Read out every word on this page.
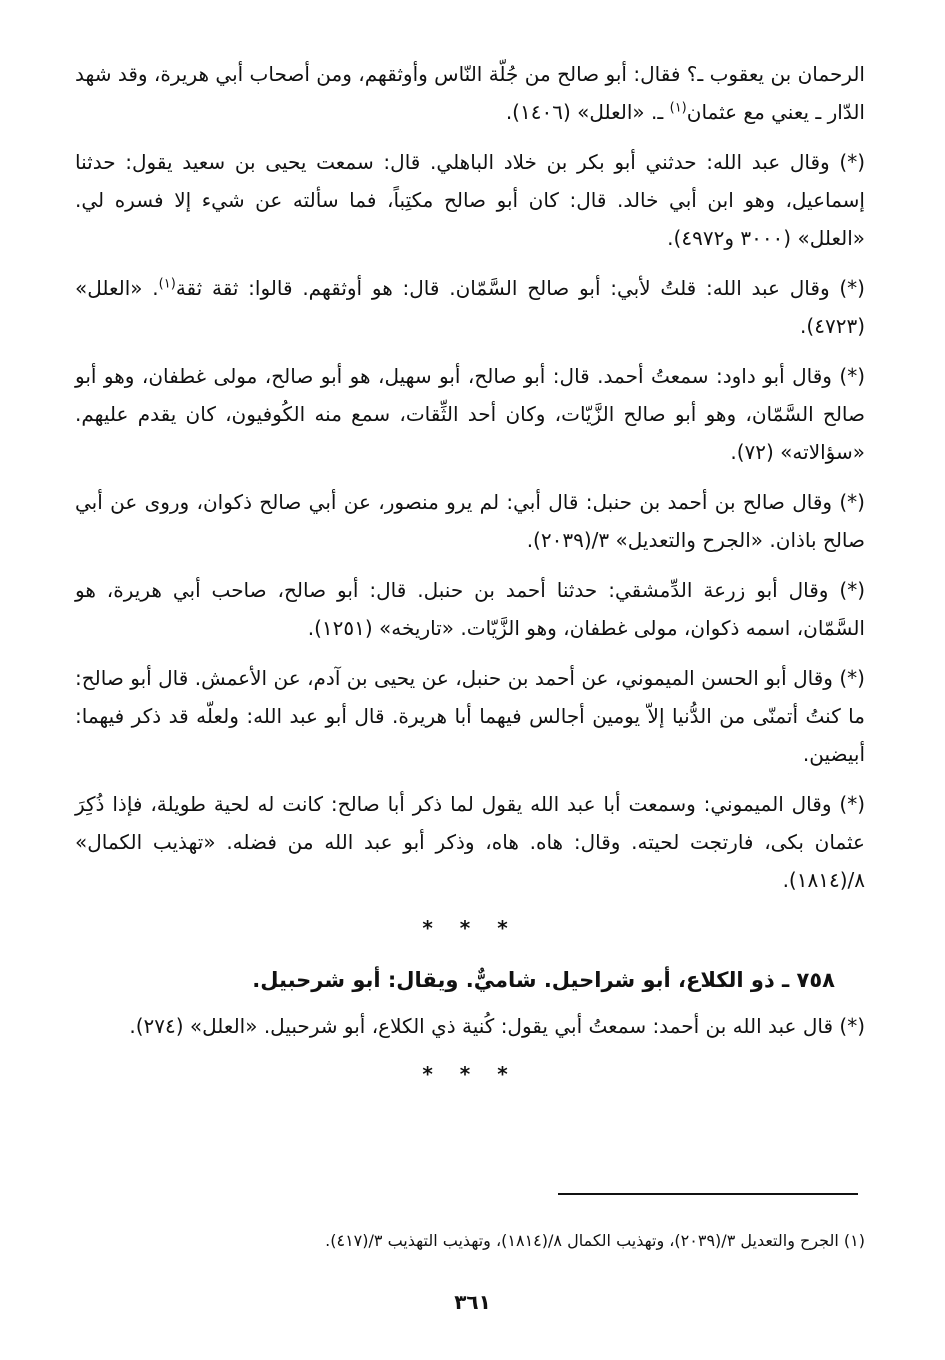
الرحمان بن يعقوب ـ؟ فقال: أبو صالح من جُلّة النّاس وأوثقهم، ومن أصحاب أبي هريرة، وقد شهد الدّار ـ يعني مع عثمان$^{(١)}$ ـ. «العلل» (١٤٠٦).

(*) وقال عبد الله: حدثني أبو بكر بن خلاد الباهلي. قال: سمعت يحيى بن سعيد يقول: حدثنا إسماعيل، وهو ابن أبي خالد. قال: كان أبو صالح مكتِباً، فما سألته عن شيء إلا فسره لي. «العلل» (٣٠٠٠ و٤٩٧٢).

(*) وقال عبد الله: قلتُ لأبي: أبو صالح السَّمّان. قال: هو أوثقهم. قالوا: ثقة ثقة$^{(١)}$. «العلل» (٤٧٢٣).

(*) وقال أبو داود: سمعتُ أحمد. قال: أبو صالح، أبو سهيل، هو أبو صالح، مولى غطفان، وهو أبو صالح السَّمّان، وهو أبو صالح الزَّيّات، وكان أحد الثِّقات، سمع منه الكُوفيون، كان يقدم عليهم. «سؤالاته» (٧٢).

(*) وقال صالح بن أحمد بن حنبل: قال أبي: لم يرو منصور، عن أبي صالح ذكوان، وروى عن أبي صالح باذان. «الجرح والتعديل» ٣/(٢٠٣٩).

(*) وقال أبو زرعة الدِّمشقي: حدثنا أحمد بن حنبل. قال: أبو صالح، صاحب أبي هريرة، هو السَّمّان، اسمه ذكوان، مولى غطفان، وهو الزَّيّات. «تاريخه» (١٢٥١).

(*) وقال أبو الحسن الميموني، عن أحمد بن حنبل، عن يحيى بن آدم، عن الأعمش. قال أبو صالح: ما كنتُ أتمنّى من الدُّنيا إلاّ يومين أجالس فيهما أبا هريرة. قال أبو عبد الله: ولعلّه قد ذكر فيهما: أبيضين.

(*) وقال الميموني: وسمعت أبا عبد الله يقول لما ذكر أبا صالح: كانت له لحية طويلة، فإذا ذُكِرَ عثمان بكى، فارتجت لحيته. وقال: هاه. هاه، وذكر أبو عبد الله من فضله. «تهذيب الكمال» ٨/(١٨١٤).

* * *
٧٥٨ ـ ذو الكلاع، أبو شراحيل. شاميٌّ. ويقال: أبو شرحبيل.

(*) قال عبد الله بن أحمد: سمعتُ أبي يقول: كُنية ذي الكلاع، أبو شرحبيل. «العلل» (٢٧٤).

* * *
(١) الجرح والتعديل ٣/(٢٠٣٩)، وتهذيب الكمال ٨/(١٨١٤)، وتهذيب التهذيب ٣/(٤١٧).
٣٦١
